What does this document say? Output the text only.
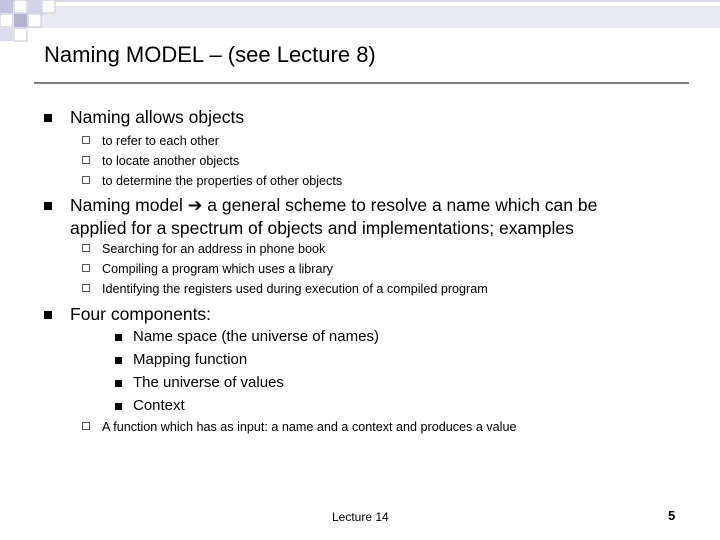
Naming MODEL – (see Lecture 8)
Naming allows objects
to refer to each other
to locate another objects
to determine the properties of other objects
Naming model ➔ a general scheme to resolve a name which can be
applied for a spectrum of objects and implementations; examples
Searching for an address in phone book
Compiling a program which uses a library
Identifying the registers used during execution of a compiled program
Four components:
Name space (the universe of names)
Mapping function
The universe of values
Context
A function which has as input: a name and a context and produces a value
Lecture 14	5
